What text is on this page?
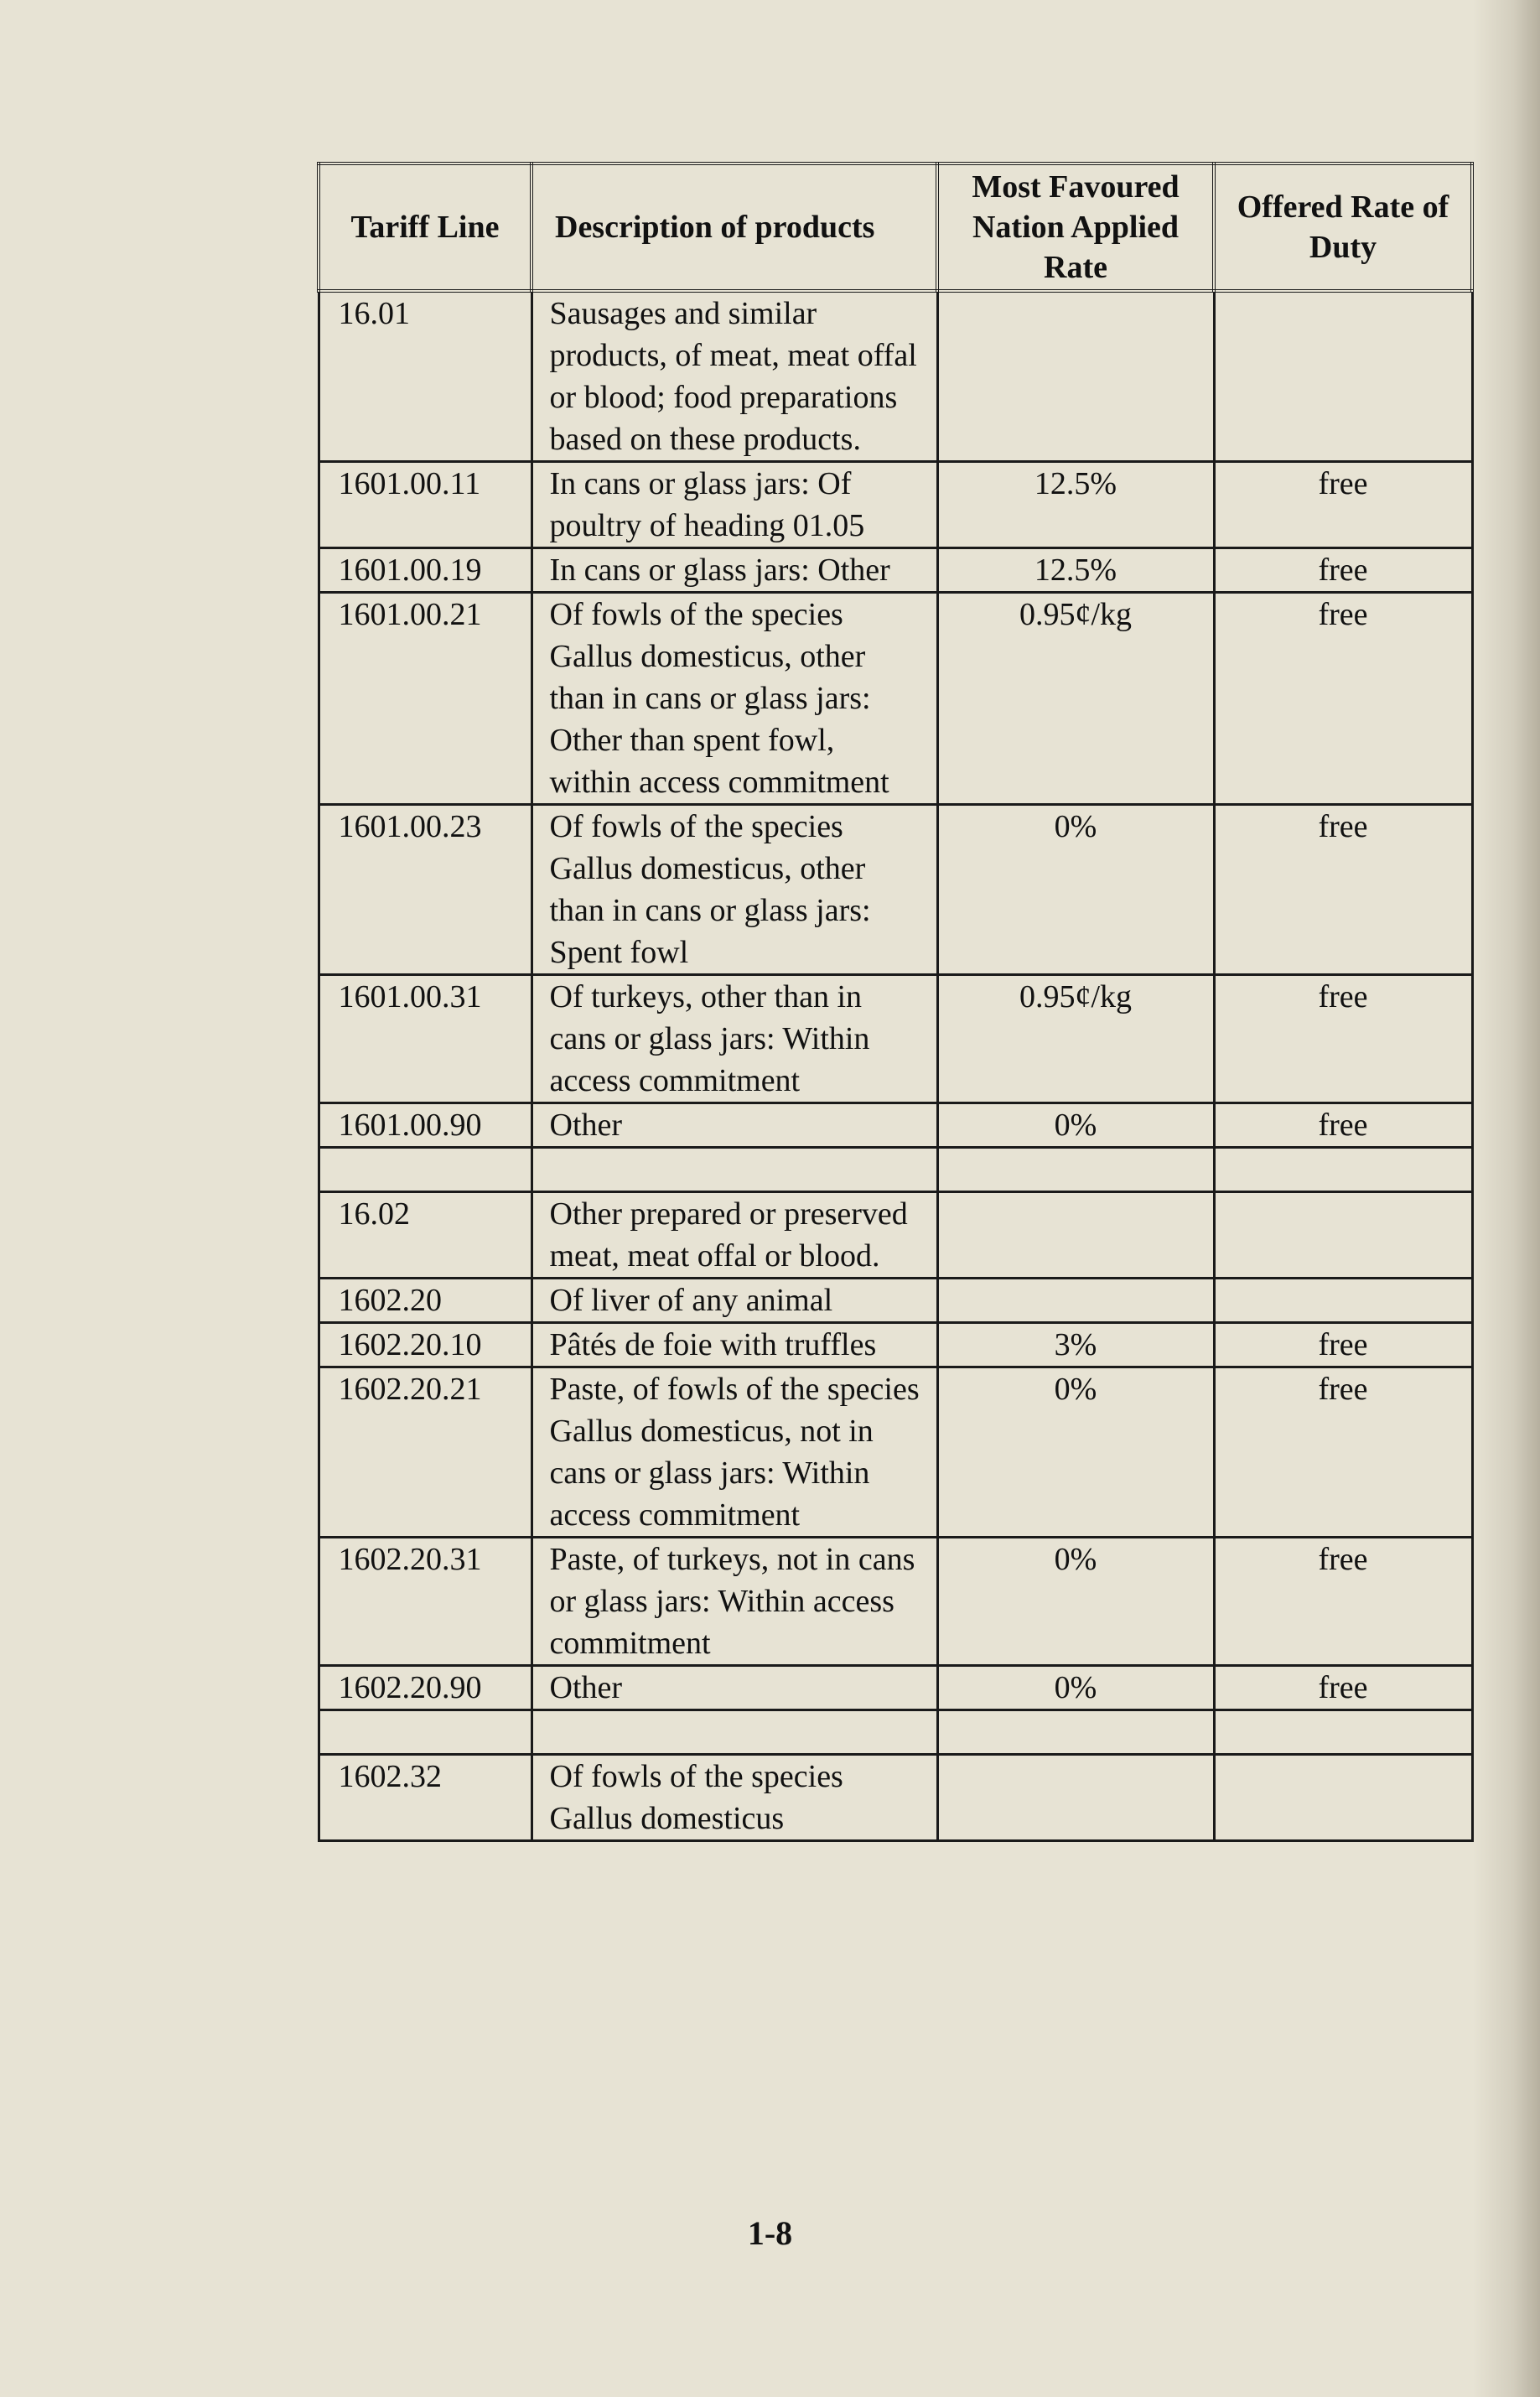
Tariff Line	Description of products	Most Favoured Nation Applied Rate	Offered Rate of Duty
16.01	Sausages and similar products, of meat, meat offal or blood; food preparations based on these products.		
1601.00.11	In cans or glass jars: Of poultry of heading 01.05	12.5%	free
1601.00.19	In cans or glass jars: Other	12.5%	free
1601.00.21	Of fowls of the species Gallus domesticus, other than in cans or glass jars: Other than spent fowl, within access commitment	0.95¢/kg	free
1601.00.23	Of fowls of the species Gallus domesticus, other than in cans or glass jars: Spent fowl	0%	free
1601.00.31	Of turkeys, other than in cans or glass jars: Within access commitment	0.95¢/kg	free
1601.00.90	Other	0%	free

16.02	Other prepared or preserved meat, meat offal or blood.		
1602.20	Of liver of any animal		
1602.20.10	Pâtés de foie with truffles	3%	free
1602.20.21	Paste, of fowls of the species Gallus domesticus, not in cans or glass jars: Within access commitment	0%	free
1602.20.31	Paste, of turkeys, not in cans or glass jars: Within access commitment	0%	free
1602.20.90	Other	0%	free

1602.32	Of fowls of the species Gallus domesticus		
1-8
